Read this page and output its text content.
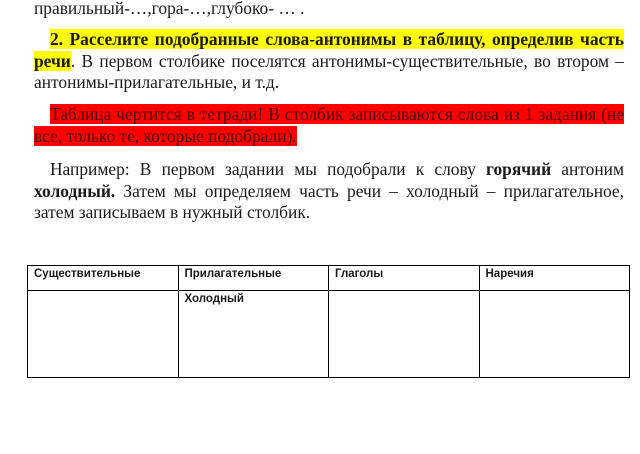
правильный-…,гора-…,глубоко- … .

2. Расселите подобранные слова-антонимы в таблицу, определив часть речи. В первом столбике поселятся антонимы-существительные, во втором – антонимы-прилагательные, и т.д.

Таблица чертится в тетради! В столбик записываются слова из 1 задания (не все, только те, которые подобрали).

Например: В первом задании мы подобрали к слову горячий антоним холодный. Затем мы определяем часть речи – холодный – прилагательное, затем записываем в нужный столбик.

Существительные	Прилагательные	Глаголы	Наречия
	Холодный		
